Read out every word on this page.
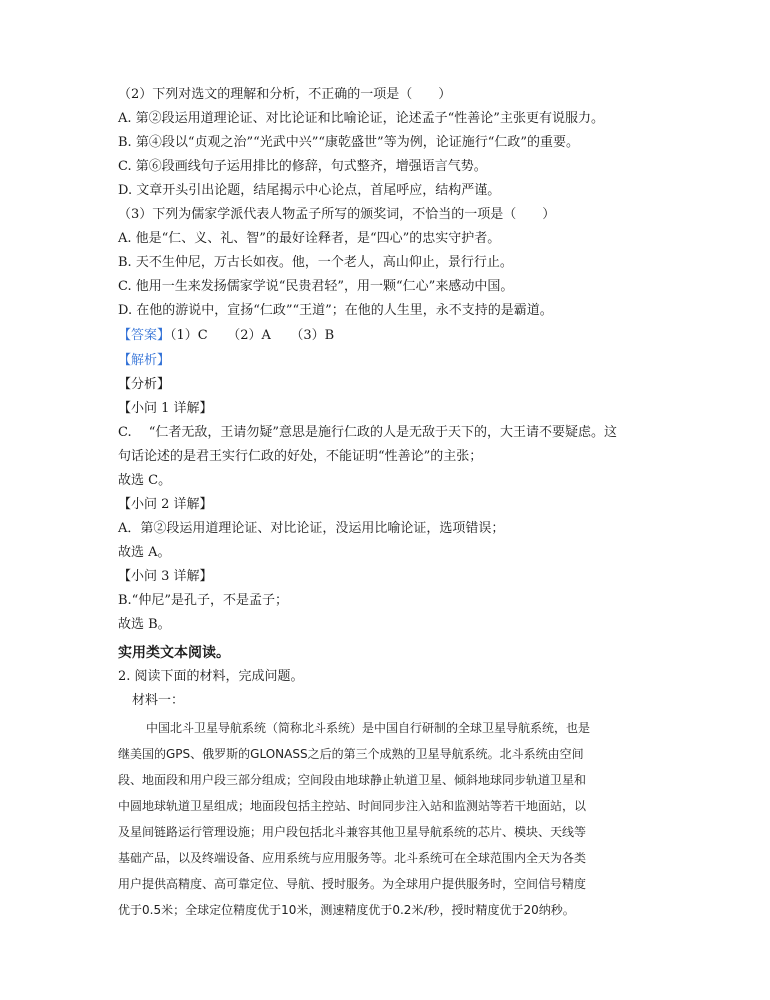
（2）下列对选文的理解和分析，不正确的一项是（　　）
A. 第②段运用道理论证、对比论证和比喻论证，论述孟子“性善论”主张更有说服力。
B. 第④段以“贞观之治”“光武中兴”“康乾盛世”等为例，论证施行“仁政”的重要。
C. 第⑥段画线句子运用排比的修辞，句式整齐，增强语言气势。
D. 文章开头引出论题，结尾揭示中心论点，首尾呼应，结构严谨。
（3）下列为儒家学派代表人物孟子所写的颁奖词，不恰当的一项是（　　）
A. 他是“仁、义、礼、智”的最好诠释者，是“四心”的忠实守护者。
B. 天不生仲尼，万古长如夜。他，一个老人，高山仰止，景行行止。
C. 他用一生来发扬儒家学说“民贵君轻”，用一颗“仁心”来感动中国。
D. 在他的游说中，宣扬“仁政”“王道”；在他的人生里，永不支持的是霸道。
【答案】（1）C　　（2）A　　（3）B
【解析】
【分析】
【小问 1 详解】
C.　 “仁者无敌，王请勿疑”意思是施行仁政的人是无敌于天下的，大王请不要疑虑。这
句话论述的是君王实行仁政的好处，不能证明“性善论”的主张；
故选 C。
【小问 2 详解】
A．第②段运用道理论证、对比论证，没运用比喻论证，选项错误；
故选 A。
【小问 3 详解】
B.“仲尼”是孔子，不是孟子；
故选 B。
实用类文本阅读。
2. 阅读下面的材料，完成问题。
材料一：
中国北斗卫星导航系统（简称北斗系统）是中国自行研制的全球卫星导航系统，也是
继美国的GPS、俄罗斯的GLONASS之后的第三个成熟的卫星导航系统。北斗系统由空间
段、地面段和用户段三部分组成；空间段由地球静止轨道卫星、倾斜地球同步轨道卫星和
中圆地球轨道卫星组成；地面段包括主控站、时间同步注入站和监测站等若干地面站，以
及星间链路运行管理设施；用户段包括北斗兼容其他卫星导航系统的芯片、模块、天线等
基础产品，以及终端设备、应用系统与应用服务等。北斗系统可在全球范围内全天为各类
用户提供高精度、高可靠定位、导航、授时服务。为全球用户提供服务时，空间信号精度
优于0.5米；全球定位精度优于10米，测速精度优于0.2米/秒，授时精度优于20纳秒。
